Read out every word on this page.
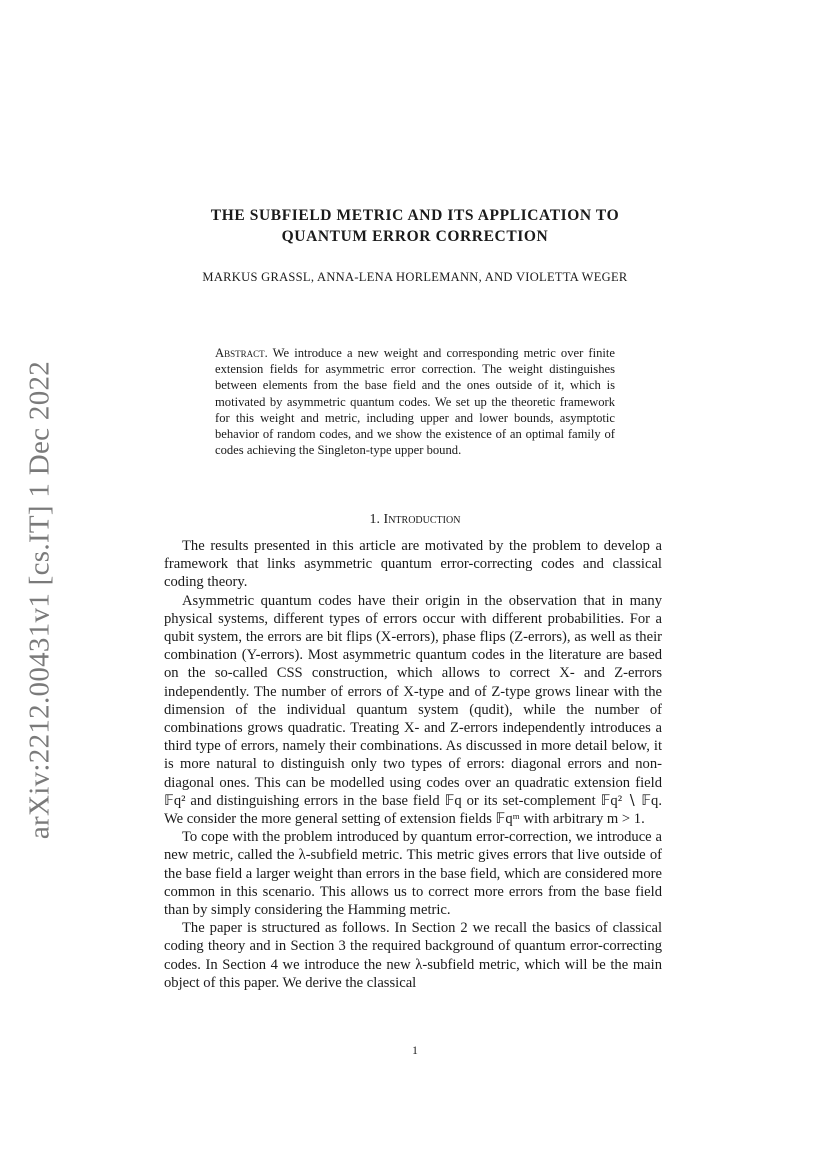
arXiv:2212.00431v1 [cs.IT] 1 Dec 2022
THE SUBFIELD METRIC AND ITS APPLICATION TO
QUANTUM ERROR CORRECTION
MARKUS GRASSL, ANNA-LENA HORLEMANN, AND VIOLETTA WEGER
Abstract. We introduce a new weight and corresponding metric over finite extension fields for asymmetric error correction. The weight distinguishes between elements from the base field and the ones outside of it, which is motivated by asymmetric quantum codes. We set up the theoretic framework for this weight and metric, including upper and lower bounds, asymptotic behavior of random codes, and we show the existence of an optimal family of codes achieving the Singleton-type upper bound.
1. Introduction

The results presented in this article are motivated by the problem to develop a framework that links asymmetric quantum error-correcting codes and classical coding theory.

Asymmetric quantum codes have their origin in the observation that in many physical systems, different types of errors occur with different probabilities. For a qubit system, the errors are bit flips (X-errors), phase flips (Z-errors), as well as their combination (Y-errors). Most asymmetric quantum codes in the literature are based on the so-called CSS construction, which allows to correct X- and Z-errors independently. The number of errors of X-type and of Z-type grows linear with the dimension of the individual quantum system (qudit), while the number of combinations grows quadratic. Treating X- and Z-errors independently introduces a third type of errors, namely their combinations. As discussed in more detail below, it is more natural to distinguish only two types of errors: diagonal errors and non-diagonal ones. This can be modelled using codes over an quadratic extension field 𝔽q² and distinguishing errors in the base field 𝔽q or its set-complement 𝔽q² ∖ 𝔽q. We consider the more general setting of extension fields 𝔽qᵐ with arbitrary m > 1.

To cope with the problem introduced by quantum error-correction, we introduce a new metric, called the λ-subfield metric. This metric gives errors that live outside of the base field a larger weight than errors in the base field, which are considered more common in this scenario. This allows us to correct more errors from the base field than by simply considering the Hamming metric.

The paper is structured as follows. In Section 2 we recall the basics of classical coding theory and in Section 3 the required background of quantum error-correcting codes. In Section 4 we introduce the new λ-subfield metric, which will be the main object of this paper. We derive the classical

1
